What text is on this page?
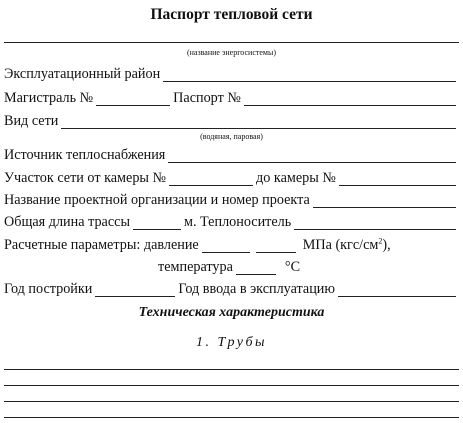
Паспорт тепловой сети
(название энергосистемы)
Эксплуатационный район
Магистраль №	Паспорт №
Вид сети
(водяная, паровая)
Источник теплоснабжения
Участок сети от камеры №	до камеры №
Название проектной организации и номер проекта
Общая длина трассы	м. Теплоноситель
Расчетные параметры: давление	МПа $(кгс/см^2)$,
температура	°С
Год постройки	Год ввода в эксплуатацию
Техническая характеристика
1. Трубы
